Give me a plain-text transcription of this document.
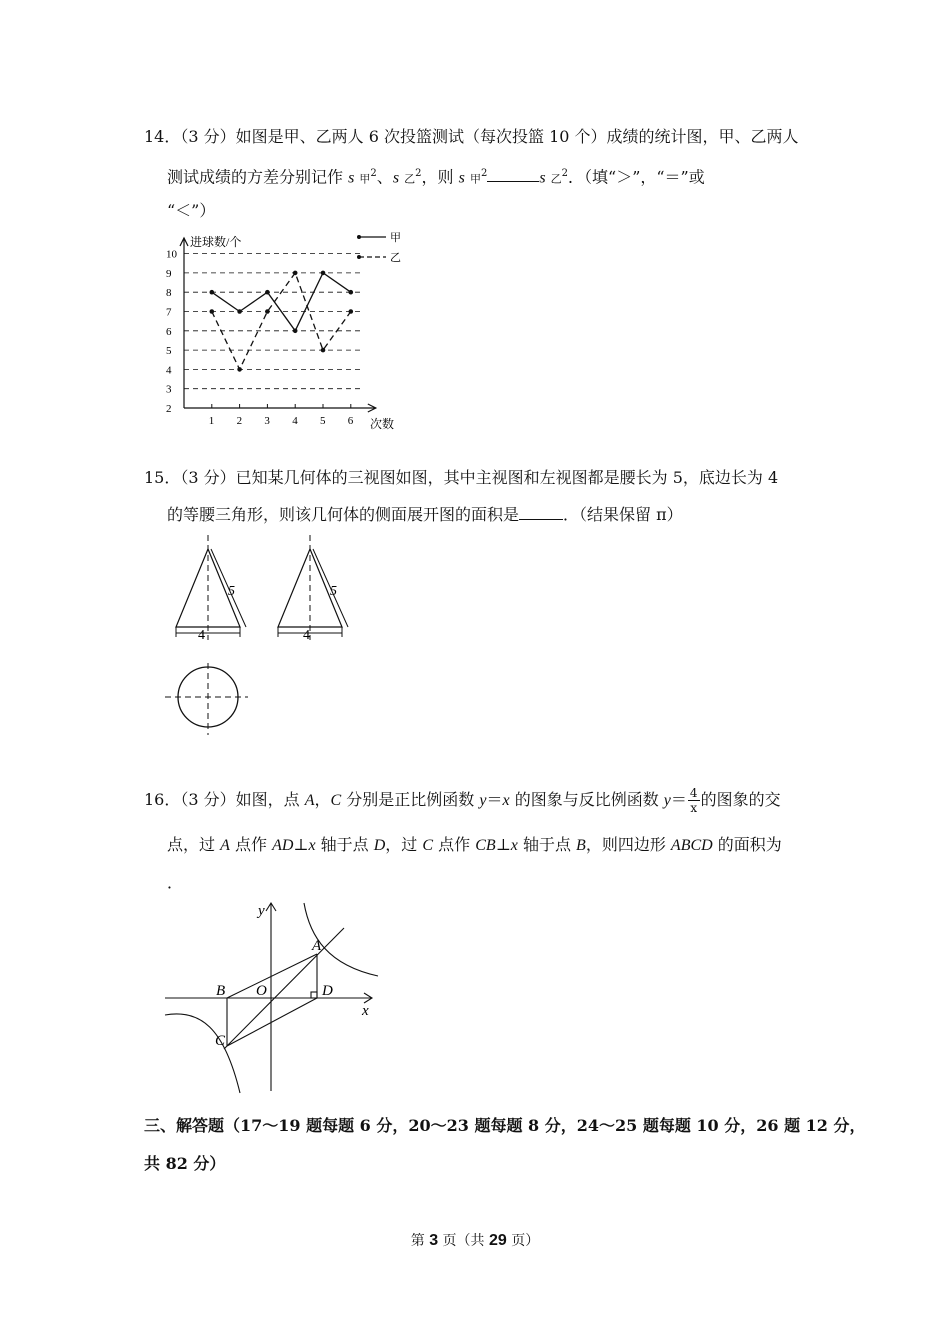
14．（3 分）如图是甲、乙两人 6 次投篮测试（每次投篮 10 个）成绩的统计图，甲、乙两人
测试成绩的方差分别记作 s 甲$^2$、s 乙$^2$，则 s 甲$^2$	s 乙$^2$．（填“＞”，“＝”或
“＜”）
2
3
4
5
6
7
8
9
10
1 2 3 4 5 6
甲
乙
进球数/个
次数
15．（3 分）已知某几何体的三视图如图，其中主视图和左视图都是腰长为 5，底边长为 4
的等腰三角形，则该几何体的侧面展开图的面积是	．（结果保留 π）
5
4
5
4
16．（3 分）如图，点 A，C 分别是正比例函数 y＝x 的图象与反比例函数 $y= \frac{4}{x}$ 的图象的交
点，过 A 点作 AD⊥x 轴于点 D，过 C 点作 CB⊥x 轴于点 B，则四边形 ABCD 的面积为
．
y
x
A
B O	D
C
三、解答题（17～19 题每题 6 分，20～23 题每题 8 分，24～25 题每题 10 分，26 题 12 分，
共 82 分）
第 3 页（共 29 页）
